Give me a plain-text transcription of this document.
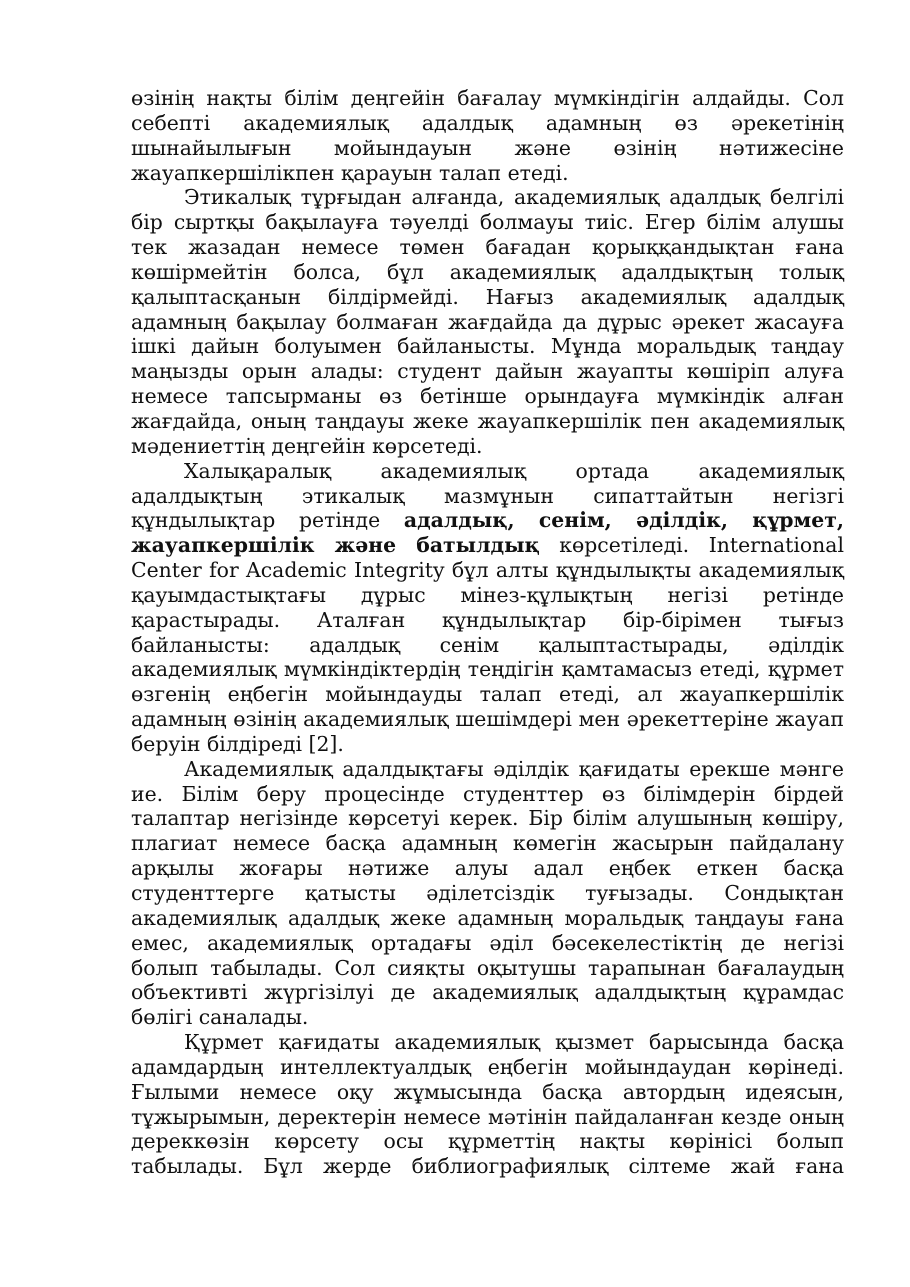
өзінің нақты білім деңгейін бағалау мүмкіндігін алдайды. Сол себепті академиялық адалдық адамның өз әрекетінің шынайылығын мойындауын және өзінің нәтижесіне жауапкершілікпен қарауын талап етеді.

Этикалық тұрғыдан алғанда, академиялық адалдық белгілі бір сыртқы бақылауға тәуелді болмауы тиіс. Егер білім алушы тек жазадан немесе төмен бағадан қорыққандықтан ғана көшірмейтін болса, бұл академиялық адалдықтың толық қалыптасқанын білдірмейді. Нағыз академиялық адалдық адамның бақылау болмаған жағдайда да дұрыс әрекет жасауға ішкі дайын болуымен байланысты. Мұнда моральдық таңдау маңызды орын алады: студент дайын жауапты көшіріп алуға немесе тапсырманы өз бетінше орындауға мүмкіндік алған жағдайда, оның таңдауы жеке жауапкершілік пен академиялық мәдениеттің деңгейін көрсетеді.

Халықаралық академиялық ортада академиялық адалдықтың этикалық мазмұнын сипаттайтын негізгі құндылықтар ретінде адалдық, сенім, әділдік, құрмет, жауапкершілік және батылдық көрсетіледі. International Center for Academic Integrity бұл алты құндылықты академиялық қауымдастықтағы дұрыс мінез-құлықтың негізі ретінде қарастырады. Аталған құндылықтар бір-бірімен тығыз байланысты: адалдық сенім қалыптастырады, әділдік академиялық мүмкіндіктердің теңдігін қамтамасыз етеді, құрмет өзгенің еңбегін мойындауды талап етеді, ал жауапкершілік адамның өзінің академиялық шешімдері мен әрекеттеріне жауап беруін білдіреді [2].

Академиялық адалдықтағы әділдік қағидаты ерекше мәнге ие. Білім беру процесінде студенттер өз білімдерін бірдей талаптар негізінде көрсетуі керек. Бір білім алушының көшіру, плагиат немесе басқа адамның көмегін жасырын пайдалану арқылы жоғары нәтиже алуы адал еңбек еткен басқа студенттерге қатысты әділетсіздік туғызады. Сондықтан академиялық адалдық жеке адамның моральдық таңдауы ғана емес, академиялық ортадағы әділ бәсекелестіктің де негізі болып табылады. Сол сияқты оқытушы тарапынан бағалаудың объективті жүргізілуі де академиялық адалдықтың құрамдас бөлігі саналады.

Құрмет қағидаты академиялық қызмет барысында басқа адамдардың интеллектуалдық еңбегін мойындаудан көрінеді. Ғылыми немесе оқу жұмысында басқа автордың идеясын, тұжырымын, деректерін немесе мәтінін пайдаланған кезде оның дереккөзін көрсету осы құрметтің нақты көрінісі болып табылады. Бұл жерде библиографиялық сілтеме жай ғана
